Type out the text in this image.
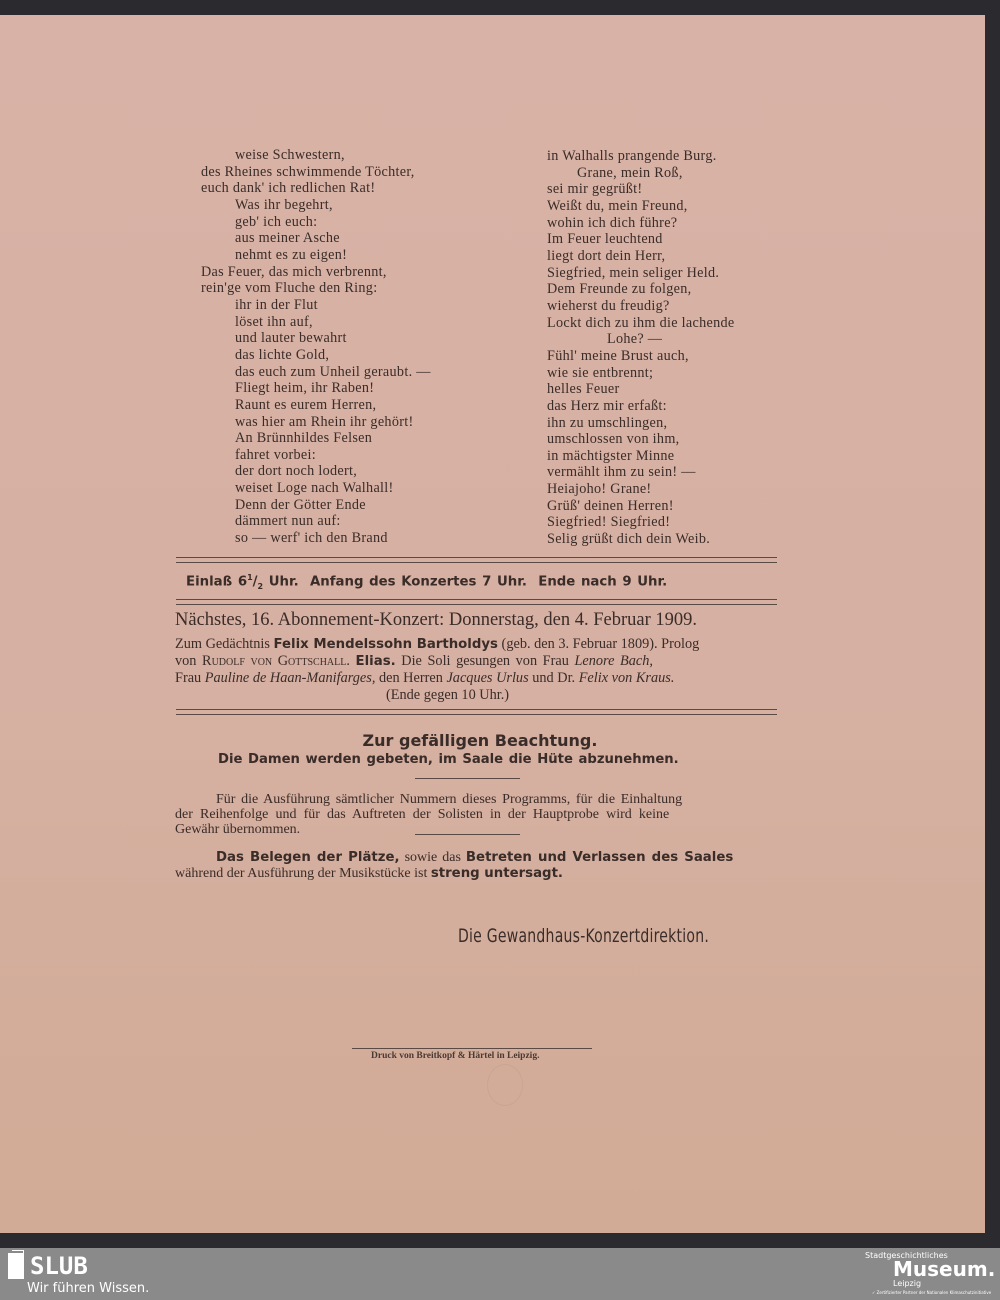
weise Schwestern,
des Rheines schwimmende Töchter,
euch dank' ich redlichen Rat!
Was ihr begehrt,
geb' ich euch:
aus meiner Asche
nehmt es zu eigen!
Das Feuer, das mich verbrennt,
rein'ge vom Fluche den Ring:
ihr in der Flut
löset ihn auf,
und lauter bewahrt
das lichte Gold,
das euch zum Unheil geraubt. —
Fliegt heim, ihr Raben!
Raunt es eurem Herren,
was hier am Rhein ihr gehört!
An Brünnhildes Felsen
fahret vorbei:
der dort noch lodert,
weiset Loge nach Walhall!
Denn der Götter Ende
dämmert nun auf:
so — werf' ich den Brand
in Walhalls prangende Burg.
Grane, mein Roß,
sei mir gegrüßt!
Weißt du, mein Freund,
wohin ich dich führe?
Im Feuer leuchtend
liegt dort dein Herr,
Siegfried, mein seliger Held.
Dem Freunde zu folgen,
wieherst du freudig?
Lockt dich zu ihm die lachende
Lohe? —
Fühl' meine Brust auch,
wie sie entbrennt;
helles Feuer
das Herz mir erfaßt:
ihn zu umschlingen,
umschlossen von ihm,
in mächtigster Minne
vermählt ihm zu sein! —
Heiajoho! Grane!
Grüß' deinen Herren!
Siegfried! Siegfried!
Selig grüßt dich dein Weib.
Einlaß $6^1/_2$ Uhr. Anfang des Konzertes 7 Uhr. Ende nach 9 Uhr.
Nächstes, 16. Abonnement-Konzert: Donnerstag, den 4. Februar 1909.
Zum Gedächtnis Felix Mendelssohn Bartholdys (geb. den 3. Februar 1809). Prolog
von Rudolf von Gottschall. Elias. Die Soli gesungen von Frau Lenore Bach,
Frau Pauline de Haan-Manifarges, den Herren Jacques Urlus und Dr. Felix von Kraus.
(Ende gegen 10 Uhr.)
Zur gefälligen Beachtung.
Die Damen werden gebeten, im Saale die Hüte abzunehmen.
Für die Ausführung sämtlicher Nummern dieses Programms, für die Einhaltung
der Reihenfolge und für das Auftreten der Solisten in der Hauptprobe wird keine
Gewähr übernommen.
Das Belegen der Plätze, sowie das Betreten und Verlassen des Saales
während der Ausführung der Musikstücke ist streng untersagt.
Die Gewandhaus-Konzertdirektion.
Druck von Breitkopf & Härtel in Leipzig.
SLUB
Wir führen Wissen.
Stadtgeschichtliches
Museum.
Leipzig
✓ Zertifizierter Partner der Nationalen Klimaschutzinitiative
